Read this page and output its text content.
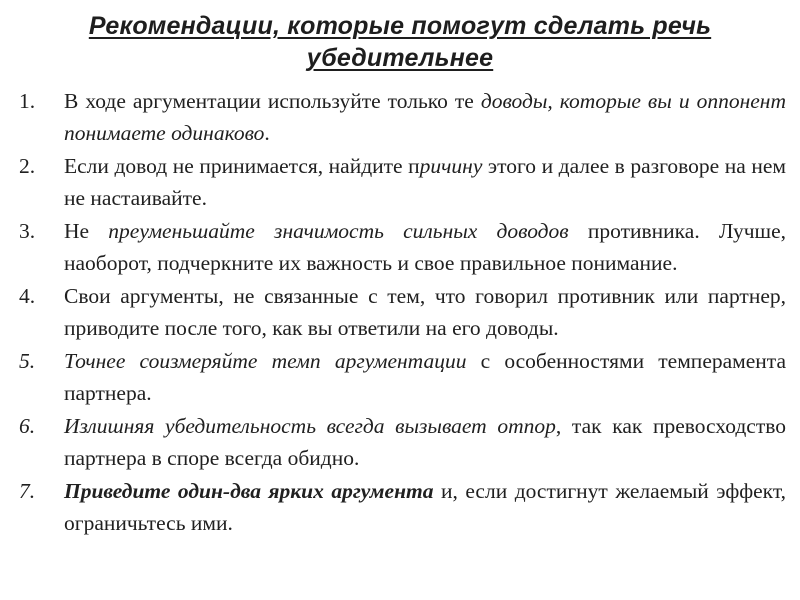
Рекомендации, которые помогут сделать речь убедительнее
1.	В ходе аргументации используйте только те доводы, которые вы и оппонент понимаете одинаково.
2.	Если довод не принимается, найдите причину этого и далее в разговоре на нем не настаивайте.
3.	Не преуменьшайте значимость сильных доводов противника. Лучше, наоборот, подчеркните их важность и свое правильное понимание.
4.	Свои аргументы, не связанные с тем, что говорил противник или партнер, приводите после того, как вы ответили на его доводы.
5.	Точнее соизмеряйте темп аргументации с особенностями темперамента партнера.
6.	Излишняя убедительность всегда вызывает отпор, так как превосходство партнера в споре всегда обидно.
7.	Приведите один-два ярких аргумента и, если достигнут желаемый эффект, ограничьтесь ими.
